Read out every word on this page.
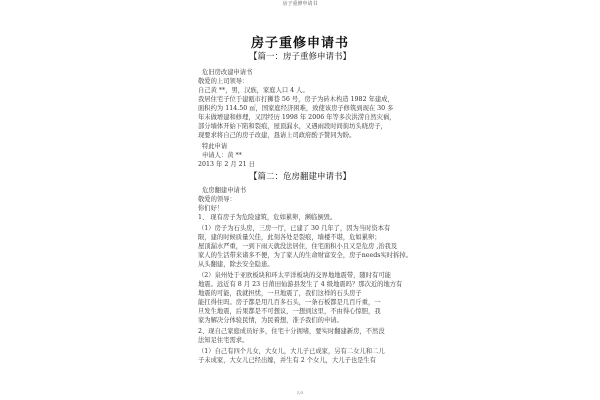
房子重修申请书
房子重修申请书
【篇一：房子重修申请书】
危旧房改建申请书
敬爱的上司领导：
自己黄 **，男，汉族，家庭人口 4 人。
我居住宅子位于建瓯市打狮巷 56 号，房子为砖木构造 1982 年建成，
面积约为 114.50 ㎡，国家庭经济困难，致使该房子修筑到现在 30 多
年未做增建和修理，又因经历 1998 年 2006 年等多次洪涝自然灾祸，
部分墙体开始下陷和裂痕，屋顶漏水，又遇雨段时间街坊头晓房子，
现要求将自己的房子改建，恳请上司政府酌予赞同为盼。
特此申请
申请人：黄 **
2013 年 2 月 21 日
【篇二：危房翻建申请书】
危房翻建申请书
敬爱的领导：
你们好！
1、 现有房子为危险建筑，危如累卵，濒临倒毁。
（1）房子为石头房，三房一厅，已建了 30 几年了，因为当时资本有
限，建的时候质量欠佳，此刻各处是裂痕，墙楼不堪，危如累卵；
屋顶漏水严重，一到下雨天就没法居住，住宅面积小且又是危房 ,治我及
家人的生活带来诸多不便，为了家人的生命财富安全，房子needs实时拆掉。
从头翻建，除去安全隐患。
（2）泉州处于亚欧板块和环太平洋板块的交界地地震带，随时有可能
地震。远近有 8 月 23 日莆田仙游县发生了 4 级地震吗？那次近的地方有
地震的可能，我就担忧，一旦地震了，我们这样的石头房子
能扛得住吗。房子都是用几百多石头，一条石板都是几百斤重，一
旦发生地震，后果都是不可想议，一想到这里，不由得心惊胆，我
家为解决分体验民情，为民着想，准予我们的申请。
2、现自己家庭成员好多，住宅十分拥堵，要实时翻建新房，不然没
法知足住宅需求。
（1）自己有四个儿女，大女儿，大儿子已成家，另有二女儿和二儿
子未成家，大女儿已经出嫁，并生有 2 个女儿，大儿子也是生有
1/3
